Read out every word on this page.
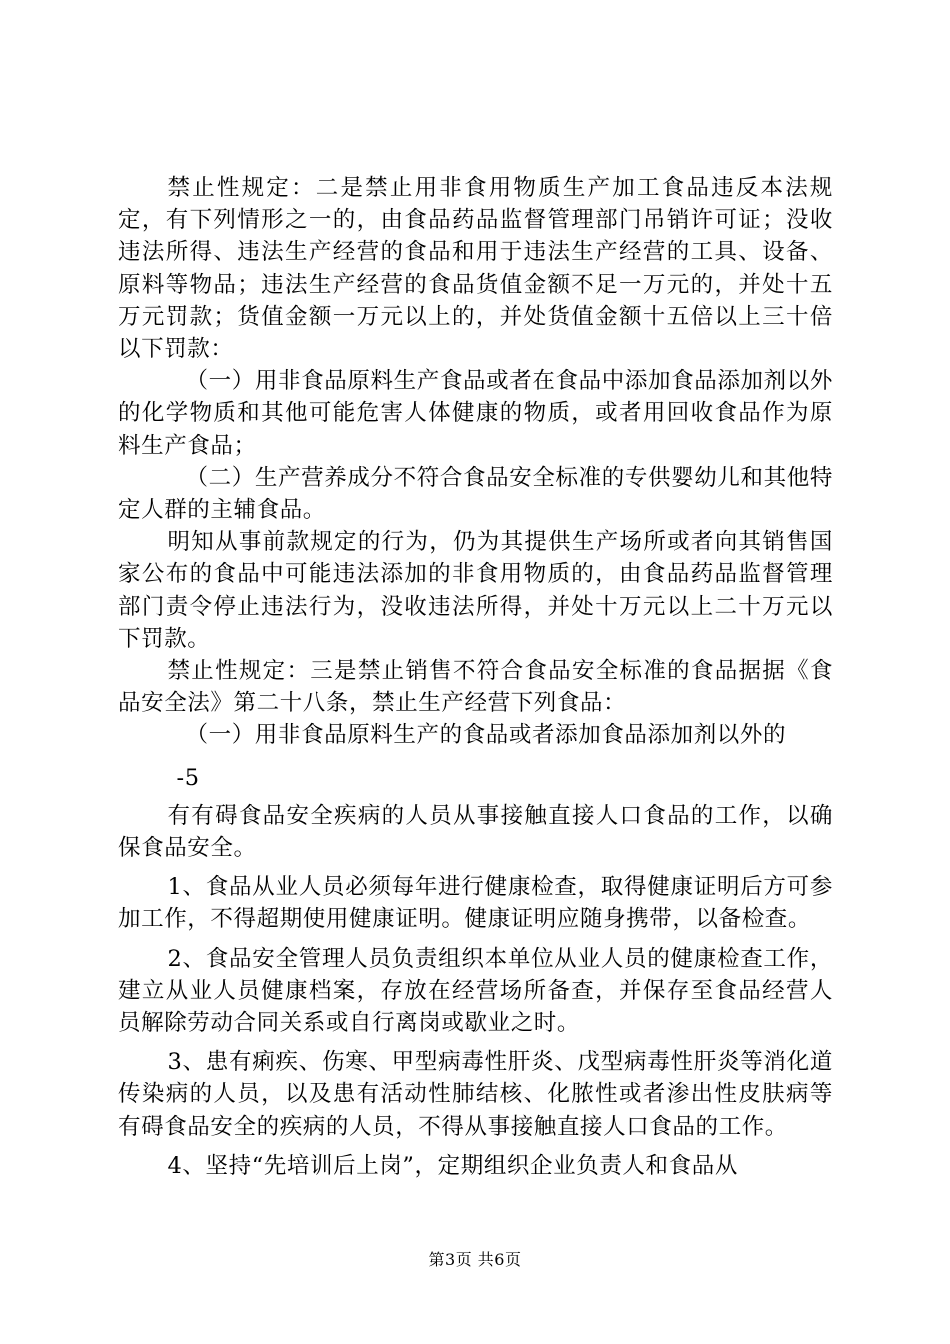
禁止性规定：二是禁止用非食用物质生产加工食品违反本法规定，有下列情形之一的，由食品药品监督管理部门吊销许可证；没收违法所得、违法生产经营的食品和用于违法生产经营的工具、设备、原料等物品；违法生产经营的食品货值金额不足一万元的，并处十五万元罚款；货值金额一万元以上的，并处货值金额十五倍以上三十倍以下罚款：

（一）用非食品原料生产食品或者在食品中添加食品添加剂以外的化学物质和其他可能危害人体健康的物质，或者用回收食品作为原料生产食品；

（二）生产营养成分不符合食品安全标准的专供婴幼儿和其他特定人群的主辅食品。

明知从事前款规定的行为，仍为其提供生产场所或者向其销售国家公布的食品中可能违法添加的非食用物质的，由食品药品监督管理部门责令停止违法行为，没收违法所得，并处十万元以上二十万元以下罚款。

禁止性规定：三是禁止销售不符合食品安全标准的食品据据《食品安全法》第二十八条，禁止生产经营下列食品：

（一）用非食品原料生产的食品或者添加食品添加剂以外的

-5

有有碍食品安全疾病的人员从事接触直接人口食品的工作，以确保食品安全。

1、食品从业人员必须每年进行健康检查，取得健康证明后方可参加工作，不得超期使用健康证明。健康证明应随身携带，以备检查。

2、食品安全管理人员负责组织本单位从业人员的健康检查工作，建立从业人员健康档案，存放在经营场所备查，并保存至食品经营人员解除劳动合同关系或自行离岗或歇业之时。

3、患有痢疾、伤寒、甲型病毒性肝炎、戊型病毒性肝炎等消化道传染病的人员，以及患有活动性肺结核、化脓性或者渗出性皮肤病等有碍食品安全的疾病的人员，不得从事接触直接人口食品的工作。

4、坚持“先培训后上岗”，定期组织企业负责人和食品从

第3页 共6页
